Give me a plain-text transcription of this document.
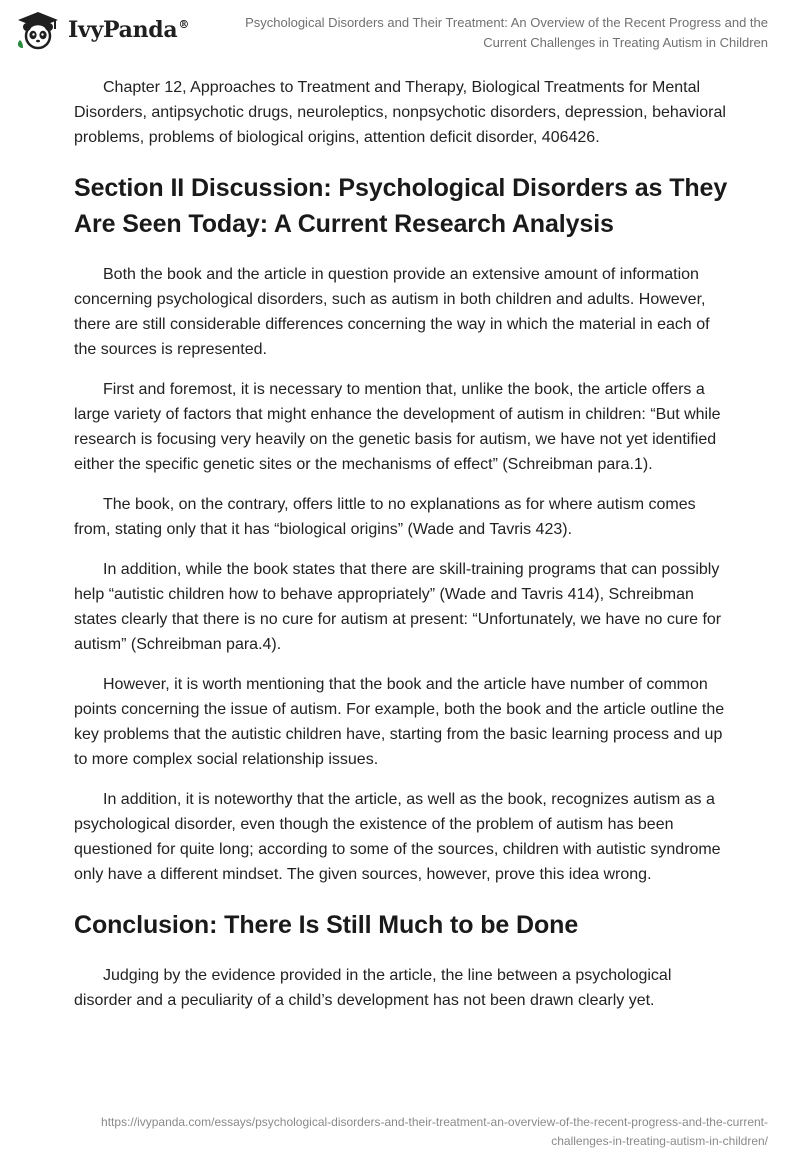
IvyPanda®	Psychological Disorders and Their Treatment: An Overview of the Recent Progress and the Current Challenges in Treating Autism in Children

Chapter 12, Approaches to Treatment and Therapy, Biological Treatments for Mental Disorders, antipsychotic drugs, neuroleptics, nonpsychotic disorders, depression, behavioral problems, problems of biological origins, attention deficit disorder, 406426.

Section II Discussion: Psychological Disorders as They Are Seen Today: A Current Research Analysis

Both the book and the article in question provide an extensive amount of information concerning psychological disorders, such as autism in both children and adults. However, there are still considerable differences concerning the way in which the material in each of the sources is represented.

First and foremost, it is necessary to mention that, unlike the book, the article offers a large variety of factors that might enhance the development of autism in children: “But while research is focusing very heavily on the genetic basis for autism, we have not yet identified either the specific genetic sites or the mechanisms of effect” (Schreibman para.1).

The book, on the contrary, offers little to no explanations as for where autism comes from, stating only that it has “biological origins” (Wade and Tavris 423).

In addition, while the book states that there are skill-training programs that can possibly help “autistic children how to behave appropriately” (Wade and Tavris 414), Schreibman states clearly that there is no cure for autism at present: “Unfortunately, we have no cure for autism” (Schreibman para.4).

However, it is worth mentioning that the book and the article have number of common points concerning the issue of autism. For example, both the book and the article outline the key problems that the autistic children have, starting from the basic learning process and up to more complex social relationship issues.

In addition, it is noteworthy that the article, as well as the book, recognizes autism as a psychological disorder, even though the existence of the problem of autism has been questioned for quite long; according to some of the sources, children with autistic syndrome only have a different mindset. The given sources, however, prove this idea wrong.

Conclusion: There Is Still Much to be Done

Judging by the evidence provided in the article, the line between a psychological disorder and a peculiarity of a child’s development has not been drawn clearly yet.

https://ivypanda.com/essays/psychological-disorders-and-their-treatment-an-overview-of-the-recent-progress-and-the-current-challenges-in-treating-autism-in-children/
